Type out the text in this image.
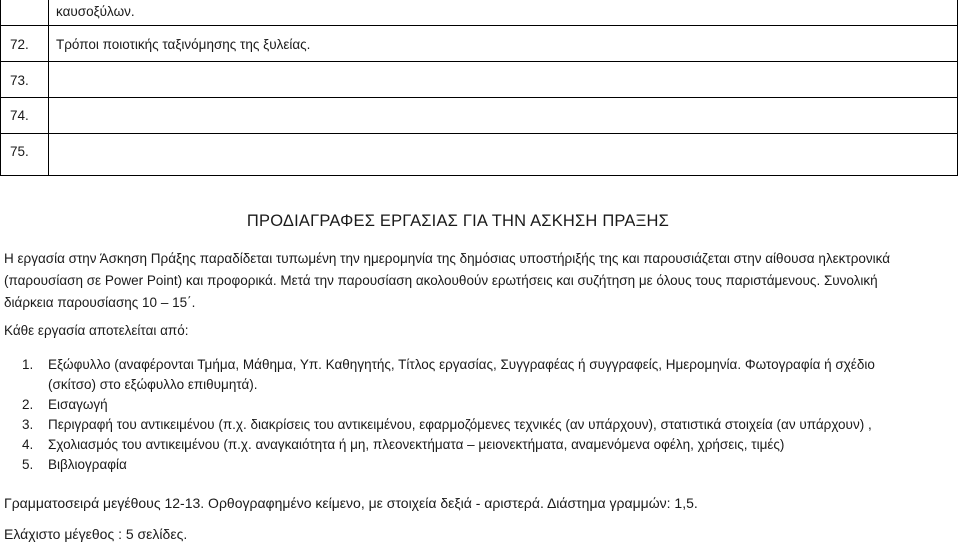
καυσοξύλων.
72.	Τρόποι ποιοτικής ταξινόμησης της ξυλείας.
73.
74.
75.
ΠΡΟΔΙΑΓΡΑΦΕΣ ΕΡΓΑΣΙΑΣ ΓΙΑ ΤΗΝ ΑΣΚΗΣΗ ΠΡΑΞΗΣ
Η εργασία στην Άσκηση Πράξης παραδίδεται τυπωμένη την ημερομηνία της δημόσιας υποστήριξής της και παρουσιάζεται στην αίθουσα ηλεκτρονικά
(παρουσίαση σε Power Point) και προφορικά. Μετά την παρουσίαση ακολουθούν ερωτήσεις και συζήτηση με όλους τους παριστάμενους. Συνολική
διάρκεια παρουσίασης 10 – 15΄.
Κάθε εργασία αποτελείται από:
1. Εξώφυλλο (αναφέρονται Τμήμα, Μάθημα, Υπ. Καθηγητής, Τίτλος εργασίας, Συγγραφέας ή συγγραφείς, Ημερομηνία. Φωτογραφία ή σχέδιο
(σκίτσο) στο εξώφυλλο επιθυμητά).
2. Εισαγωγή
3. Περιγραφή του αντικειμένου (π.χ. διακρίσεις του αντικειμένου, εφαρμοζόμενες τεχνικές (αν υπάρχουν), στατιστικά στοιχεία (αν υπάρχουν) ,
4. Σχολιασμός του αντικειμένου (π.χ. αναγκαιότητα ή μη, πλεονεκτήματα – μειονεκτήματα, αναμενόμενα οφέλη, χρήσεις, τιμές)
5. Βιβλιογραφία
Γραμματοσειρά μεγέθους 12-13. Ορθογραφημένο κείμενο, με στοιχεία δεξιά - αριστερά. Διάστημα γραμμών: 1,5.
Ελάχιστο μέγεθος : 5 σελίδες.
